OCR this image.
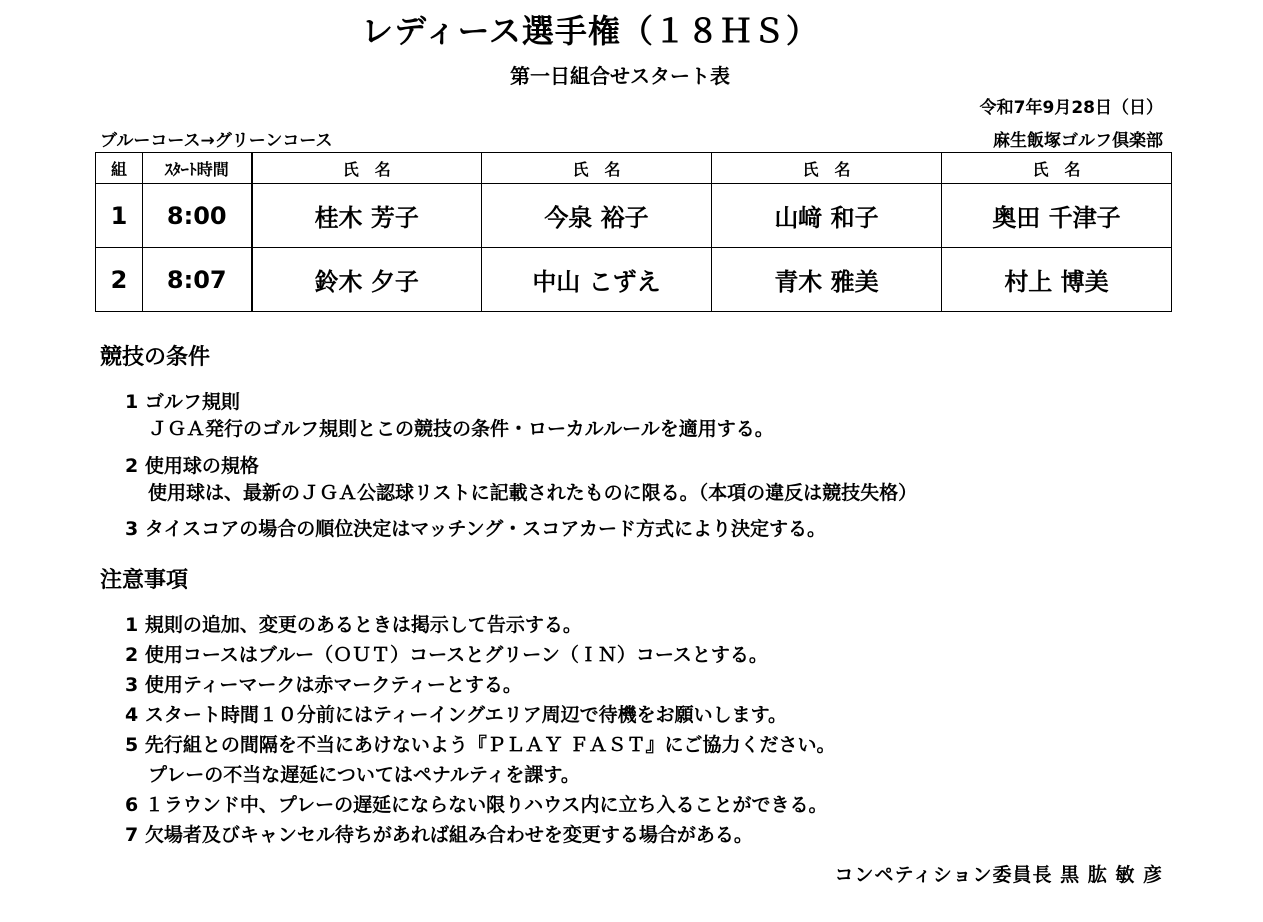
レディース選手権（１８ＨＳ）
第一日組合せスタート表
令和7年9月28日（日）
ブルーコース→グリーンコース	麻生飯塚ゴルフ倶楽部
組	ｽﾀｰﾄ時間	氏　名	氏　名	氏　名	氏　名
1	8:00	桂木 芳子	今泉 裕子	山﨑 和子	奥田 千津子
2	8:07	鈴木 夕子	中山 こずえ	青木 雅美	村上 博美
競技の条件
1 ゴルフ規則
ＪＧＡ発行のゴルフ規則とこの競技の条件・ローカルルールを適用する。
2 使用球の規格
使用球は、最新のＪＧＡ公認球リストに記載されたものに限る。（本項の違反は競技失格）
3 タイスコアの場合の順位決定はマッチング・スコアカード方式により決定する。
注意事項
1 規則の追加、変更のあるときは掲示して告示する。
2 使用コースはブルー（ＯＵＴ）コースとグリーン（ＩＮ）コースとする。
3 使用ティーマークは赤マークティーとする。
4 スタート時間１０分前にはティーイングエリア周辺で待機をお願いします。
5 先行組との間隔を不当にあけないよう『ＰＬＡＹ ＦＡＳＴ』にご協力ください。
プレーの不当な遅延についてはペナルティを課す。
6 １ラウンド中、プレーの遅延にならない限りハウス内に立ち入ることができる。
7 欠場者及びキャンセル待ちがあれば組み合わせを変更する場合がある。
コンペティション委員長 黒 肱 敏 彦
